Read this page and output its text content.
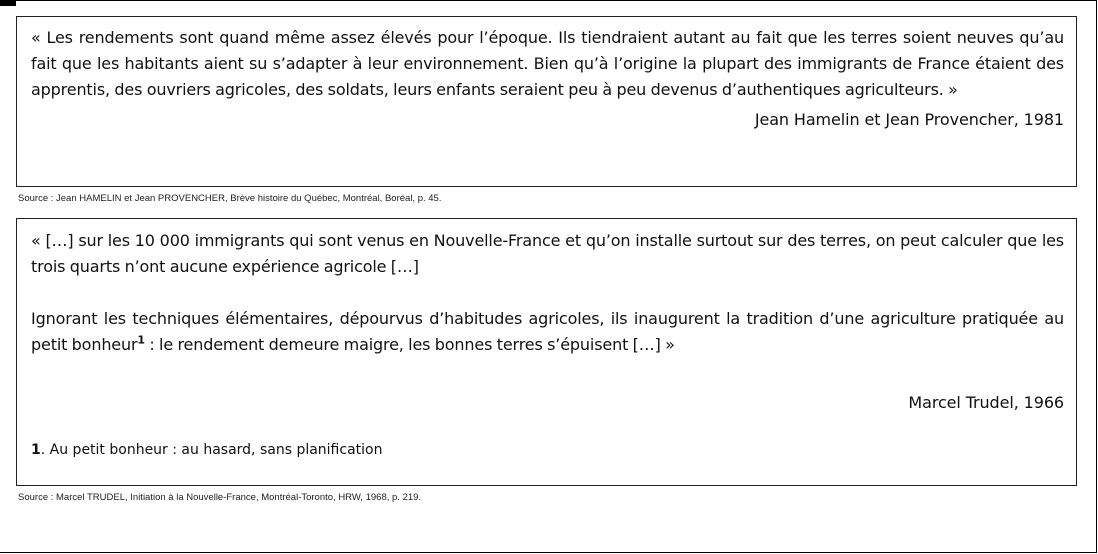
« Les rendements sont quand même assez élevés pour l’époque. Ils tiendraient autant au fait que les terres soient neuves qu’au fait que les habitants aient su s’adapter à leur environnement. Bien qu’à l’origine la plupart des immigrants de France étaient des apprentis, des ouvriers agricoles, des soldats, leurs enfants seraient peu à peu devenus d’authentiques agriculteurs. »

Jean Hamelin et Jean Provencher, 1981

Source : Jean HAMELIN et Jean PROVENCHER, Brève histoire du Québec, Montréal, Boréal, p. 45.

« […] sur les 10 000 immigrants qui sont venus en Nouvelle-France et qu’on installe surtout sur des terres, on peut calculer que les trois quarts n’ont aucune expérience agricole […]

Ignorant les techniques élémentaires, dépourvus d’habitudes agricoles, ils inaugurent la tradition d’une agriculture pratiquée au petit bonheur$^1$ : le rendement demeure maigre, les bonnes terres s’épuisent […] »

Marcel Trudel, 1966

1. Au petit bonheur : au hasard, sans planification

Source : Marcel TRUDEL, Initiation à la Nouvelle-France, Montréal-Toronto, HRW, 1968, p. 219.
